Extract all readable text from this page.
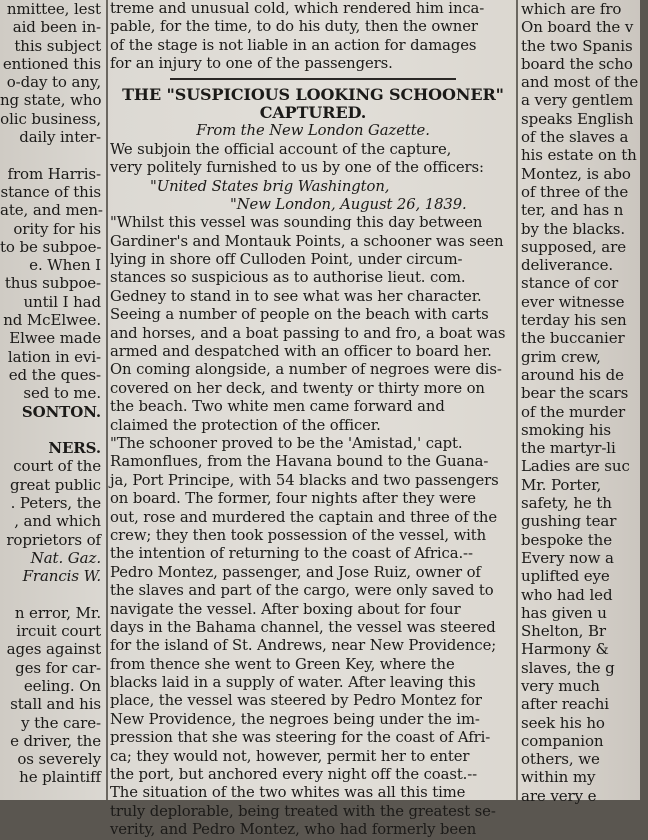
nmittee, lest
aid been in-
this subject
entioned this
o-day to any,
ng state, who
olic business,
daily inter-
from Harris-
stance of this
ate, and men-
ority for his
to be subpoe-
e. When I
thus subpoe-
until I had
nd McElwee.
Elwee made
lation in evi-
ed the ques-
sed to me.
SONTON.
NERS.
court of the
great public
. Peters, the
, and which
roprietors of
Nat. Gaz.
Francis W.
n error, Mr.
ircuit court
ages against
ges for car-
eeling. On
stall and his
y the care-
e driver, the
os severely
he plaintiff
treme and unusual cold, which rendered him inca-
pable, for the time, to do his duty, then the owner
of the stage is not liable in an action for damages
for an injury to one of the passengers.
THE "SUSPICIOUS LOOKING SCHOONER"
CAPTURED.
From the New London Gazette.
We subjoin the official account of the capture,
very politely furnished to us by one of the officers:
"United States brig Washington,
"New London, August 26, 1839.
"Whilst this vessel was sounding this day between
Gardiner's and Montauk Points, a schooner was seen
lying in shore off Culloden Point, under circum-
stances so suspicious as to authorise lieut. com.
Gedney to stand in to see what was her character.
Seeing a number of people on the beach with carts
and horses, and a boat passing to and fro, a boat was
armed and despatched with an officer to board her.
On coming alongside, a number of negroes were dis-
covered on her deck, and twenty or thirty more on
the beach. Two white men came forward and
claimed the protection of the officer.
"The schooner proved to be the 'Amistad,' capt.
Ramonflues, from the Havana bound to the Guana-
ja, Port Principe, with 54 blacks and two passengers
on board. The former, four nights after they were
out, rose and murdered the captain and three of the
crew; they then took possession of the vessel, with
the intention of returning to the coast of Africa.--
Pedro Montez, passenger, and Jose Ruiz, owner of
the slaves and part of the cargo, were only saved to
navigate the vessel. After boxing about for four
days in the Bahama channel, the vessel was steered
for the island of St. Andrews, near New Providence;
from thence she went to Green Key, where the
blacks laid in a supply of water. After leaving this
place, the vessel was steered by Pedro Montez for
New Providence, the negroes being under the im-
pression that she was steering for the coast of Afri-
ca; they would not, however, permit her to enter
the port, but anchored every night off the coast.--
The situation of the two whites was all this time
truly deplorable, being treated with the greatest se-
verity, and Pedro Montez, who had formerly been
which are fro
On board the v
the two Spanis
board the scho
and most of the
a very gentlem
speaks English
of the slaves a
his estate on th
Montez, is abo
of three of the
ter, and has n
by the blacks.
supposed, are
deliverance.
stance of cor
ever witnesse
terday his sen
the buccanier
grim crew,
around his de
bear the scars
of the murder
smoking his
the martyr-li
Ladies are suc
Mr. Porter,
safety, he th
gushing tear
bespoke the
Every now a
uplifted eye
who had led
has given u
Shelton, Br
Harmony &
slaves, the g
very much
after reachi
seek his ho
companion
others, we
within my
are very e
